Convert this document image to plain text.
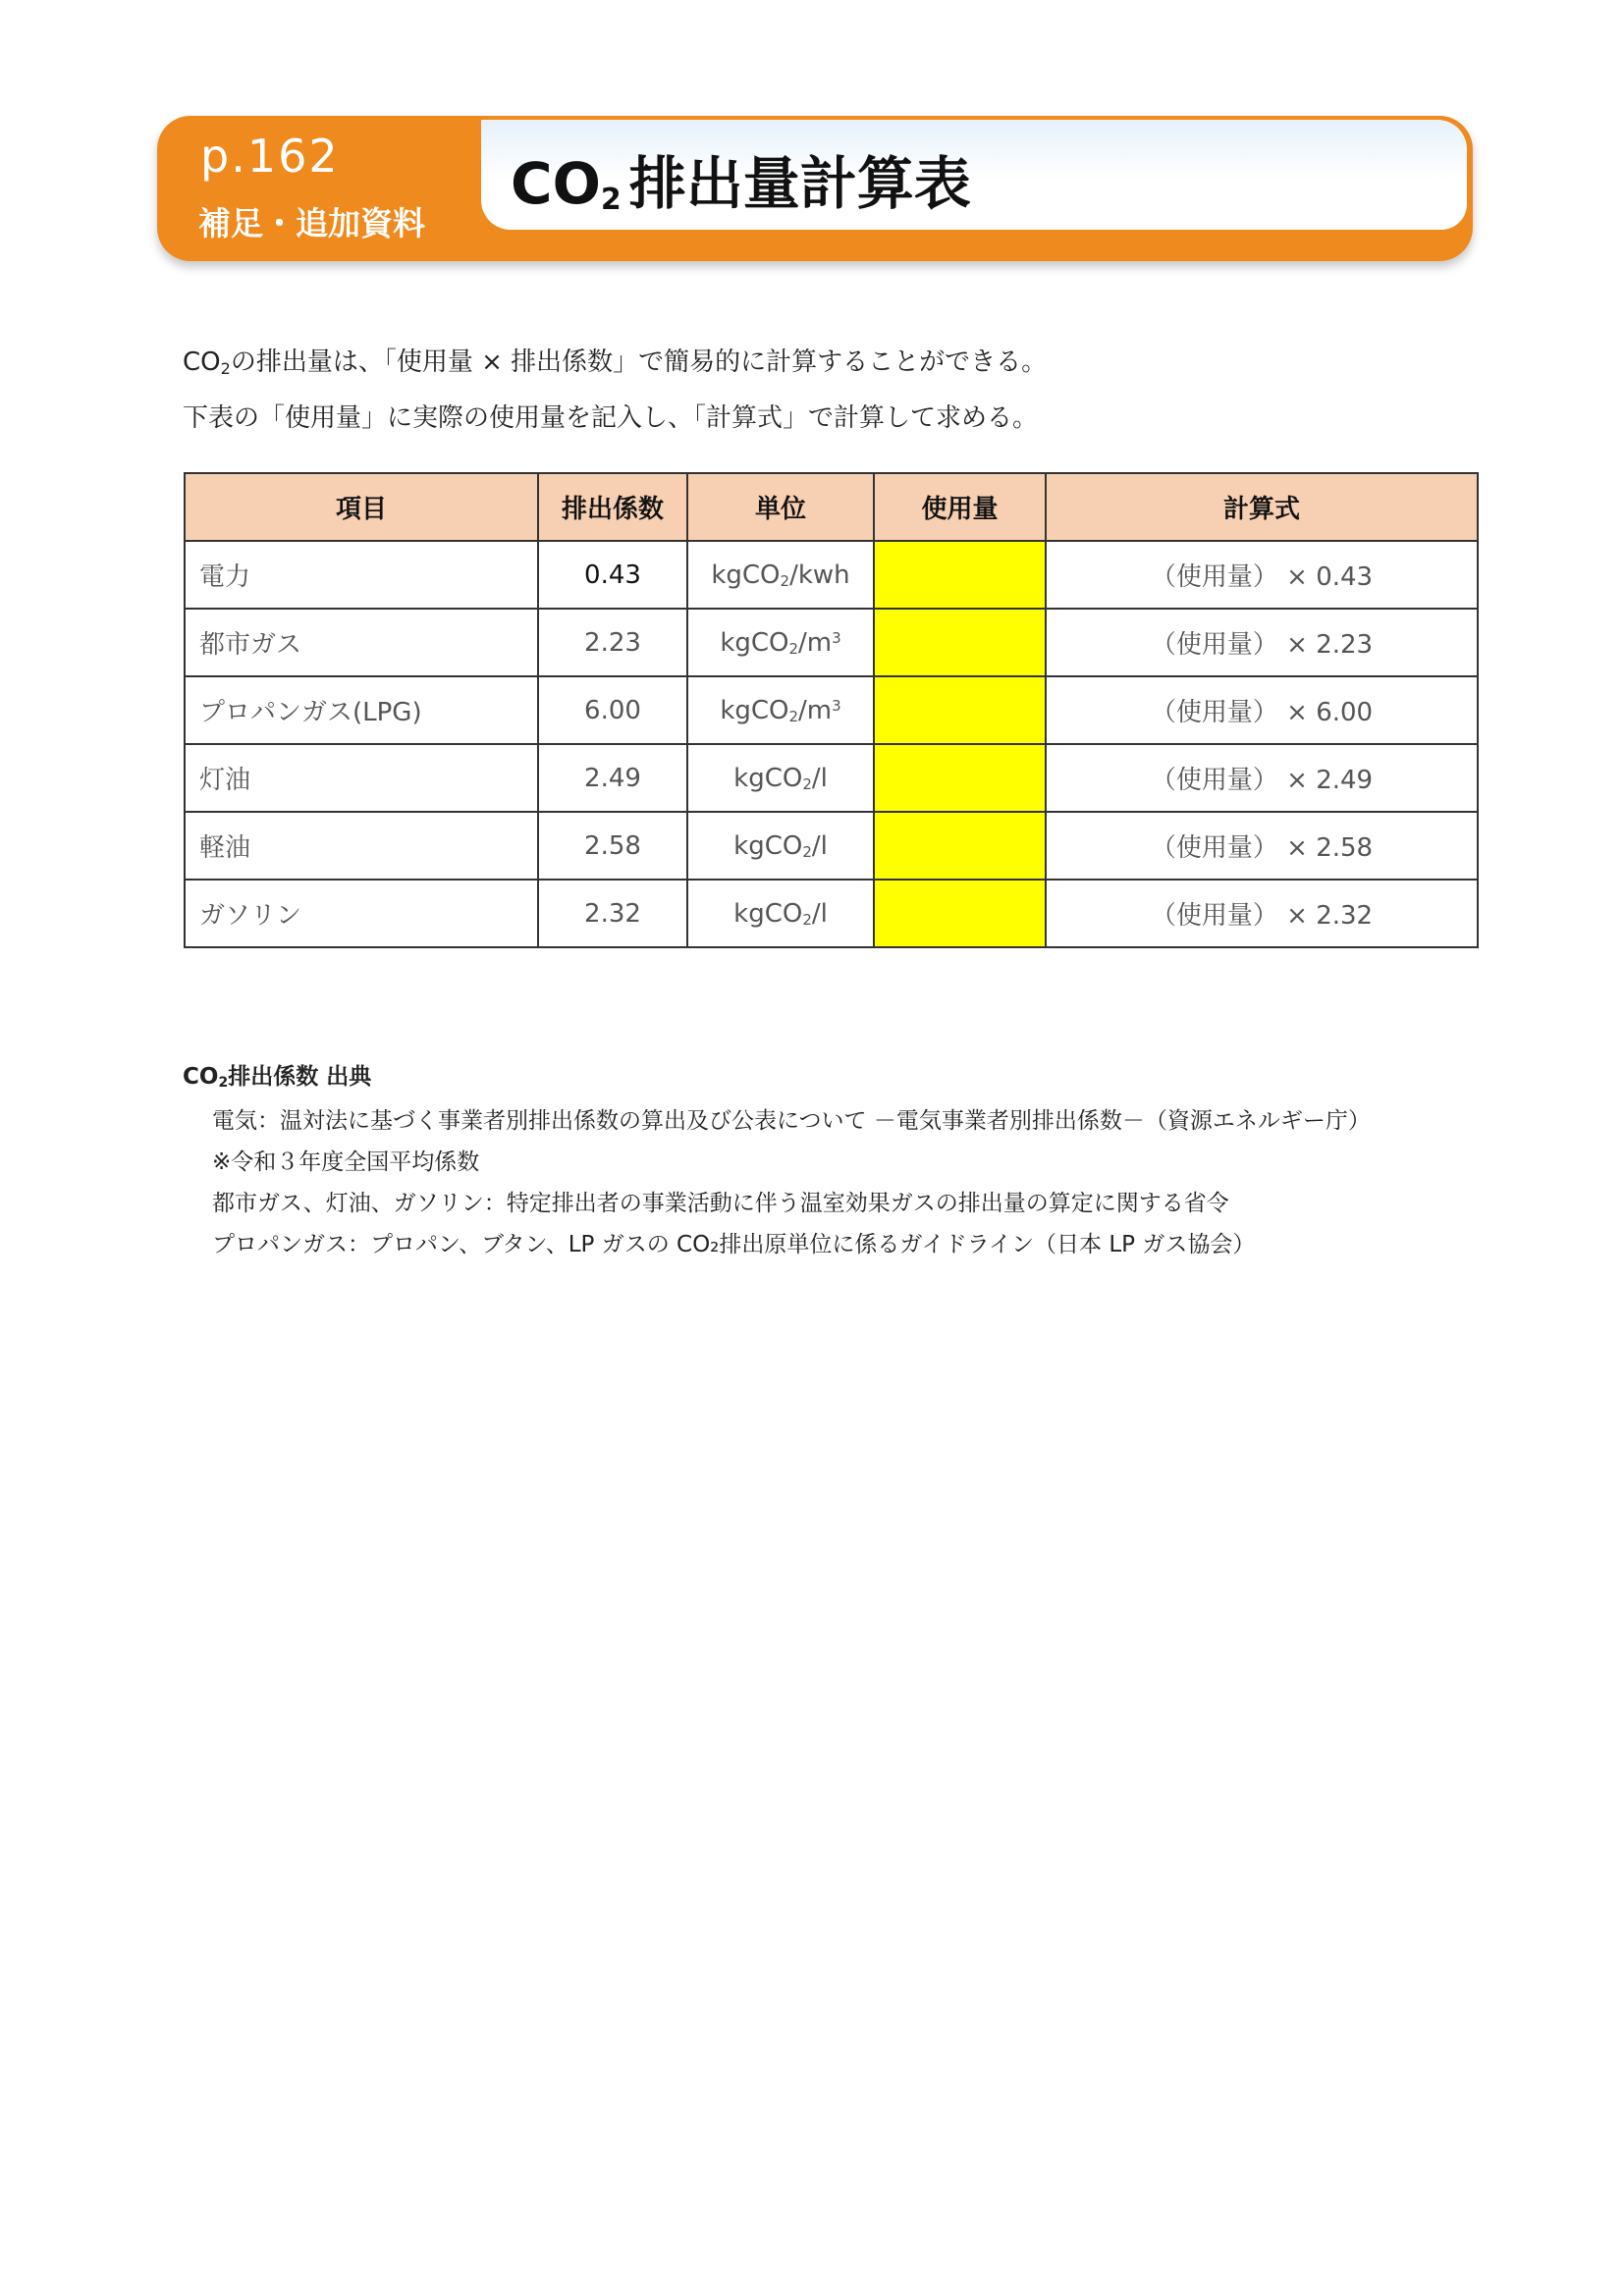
p.162
補足・追加資料
$CO_2$ 排出量計算表

$CO_2$の排出量は、「使用量 × 排出係数」で簡易的に計算することができる。

下表の「使用量」に実際の使用量を記入し、「計算式」で計算して求める。

項目	排出係数	単位	使用量	計算式
電力	0.43	kgCO$_2$/kwh		（使用量） × 0.43
都市ガス	2.23	$kgCO_2/m^3$		（使用量） × 2.23
プロパンガス(LPG)	6.00	$kgCO_2/m^3$		（使用量） × 6.00
灯油	2.49	kgCO$_2$/l		（使用量） × 2.49
軽油	2.58	kgCO$_2$/l		（使用量） × 2.58
ガソリン	2.32	kgCO$_2$/l		（使用量） × 2.32
$CO_2$排出係数 出典
電気：温対法に基づく事業者別排出係数の算出及び公表について －電気事業者別排出係数－（資源エネルギー庁）
※令和３年度全国平均係数
都市ガス、灯油、ガソリン：特定排出者の事業活動に伴う温室効果ガスの排出量の算定に関する省令
プロパンガス：プロパン、ブタン、LP ガスの CO₂排出原単位に係るガイドライン（日本 LP ガス協会）
